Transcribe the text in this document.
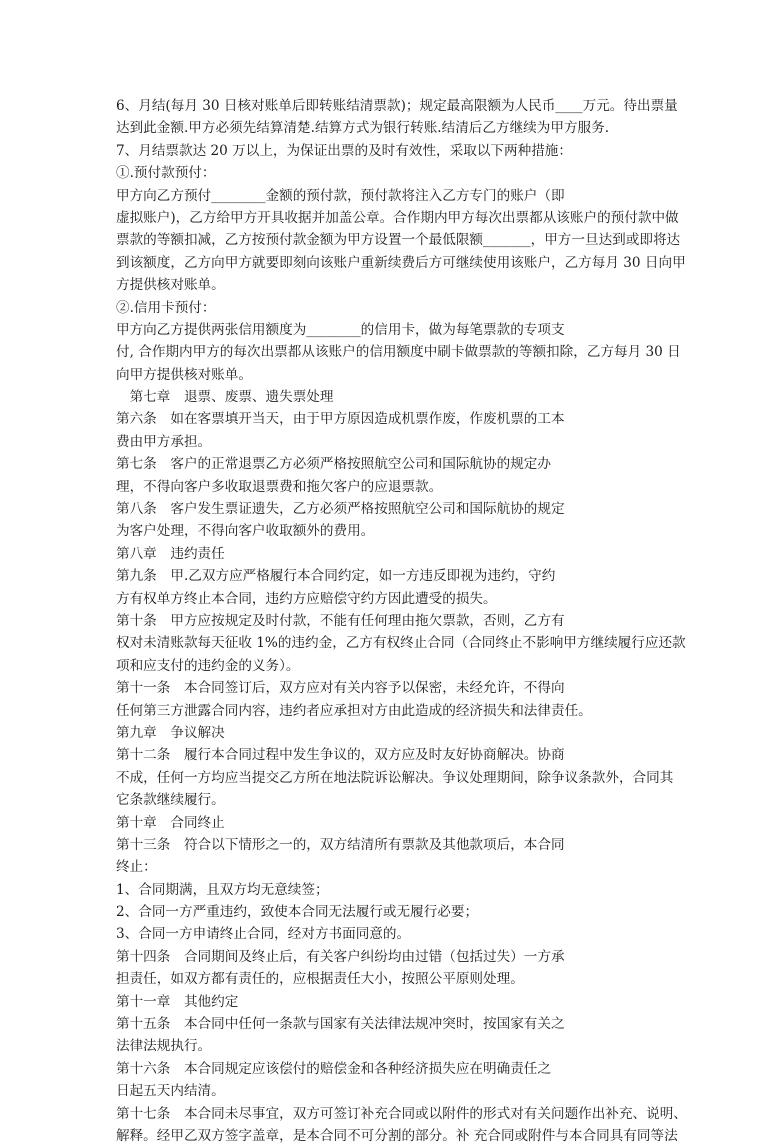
6、月结(每月 30 日核对账单后即转账结清票款)；规定最高限额为人民币____万元。待出票量
达到此金额.甲方必须先结算清楚.结算方式为银行转账.结清后乙方继续为甲方服务.
7、月结票款达 20 万以上，为保证出票的及时有效性，采取以下两种措施：
①.预付款预付：
甲方向乙方预付________金额的预付款，预付款将注入乙方专门的账户（即
虚拟账户)，乙方给甲方开具收据并加盖公章。合作期内甲方每次出票都从该账户的预付款中做
票款的等额扣减，乙方按预付款金额为甲方设置一个最低限额_______，甲方一旦达到或即将达
到该额度，乙方向甲方就要即刻向该账户重新续费后方可继续使用该账户，乙方每月 30 日向甲
方提供核对账单。
②.信用卡预付：
甲方向乙方提供两张信用额度为________的信用卡，做为每笔票款的专项支
付, 合作期内甲方的每次出票都从该账户的信用额度中刷卡做票款的等额扣除，乙方每月 30 日
向甲方提供核对账单。
　第七章　退票、废票、遗失票处理
第六条　如在客票填开当天，由于甲方原因造成机票作废，作废机票的工本
费由甲方承担。
第七条　客户的正常退票乙方必须严格按照航空公司和国际航协的规定办
理，不得向客户多收取退票费和拖欠客户的应退票款。
第八条　客户发生票证遗失，乙方必须严格按照航空公司和国际航协的规定
为客户处理，不得向客户收取额外的费用。
第八章　违约责任
第九条　甲.乙双方应严格履行本合同约定，如一方违反即视为违约，守约
方有权单方终止本合同，违约方应赔偿守约方因此遭受的损失。
第十条　甲方应按规定及时付款，不能有任何理由拖欠票款，否则，乙方有
权对未清账款每天征收 1%的违约金，乙方有权终止合同（合同终止不影响甲方继续履行应还款
项和应支付的违约金的义务）。
第十一条　本合同签订后，双方应对有关内容予以保密，未经允许，不得向
任何第三方泄露合同内容，违约者应承担对方由此造成的经济损失和法律责任。
第九章　争议解决
第十二条　履行本合同过程中发生争议的，双方应及时友好协商解决。协商
不成，任何一方均应当提交乙方所在地法院诉讼解决。争议处理期间，除争议条款外，合同其
它条款继续履行。
第十章　合同终止
第十三条　符合以下情形之一的，双方结清所有票款及其他款项后，本合同
终止：
1、合同期满，且双方均无意续签；
2、合同一方严重违约，致使本合同无法履行或无履行必要；
3、合同一方申请终止合同，经对方书面同意的。
第十四条　合同期间及终止后，有关客户纠纷均由过错（包括过失）一方承
担责任，如双方都有责任的，应根据责任大小，按照公平原则处理。
第十一章　其他约定
第十五条　本合同中任何一条款与国家有关法律法规冲突时，按国家有关之
法律法规执行。
第十六条　本合同规定应该偿付的赔偿金和各种经济损失应在明确责任之
日起五天内结清。
第十七条　本合同未尽事宜，双方可签订补充合同或以附件的形式对有关问题作出补充、说明、
解释。经甲乙双方签字盖章，是本合同不可分割的部分。补 充合同或附件与本合同具有同等法
